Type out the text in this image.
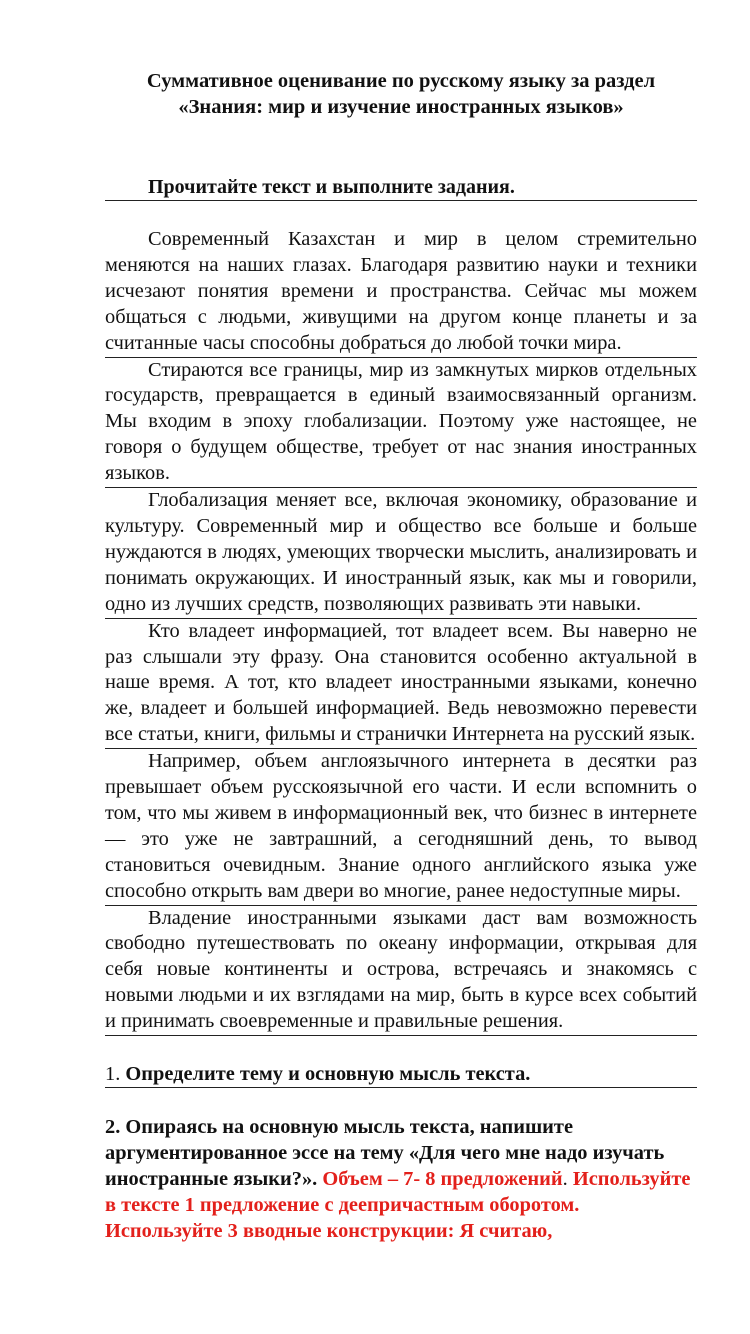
Суммативное оценивание по русскому языку за раздел
«Знания: мир и изучение иностранных языков»

Прочитайте текст и выполните задания.

Современный Казахстан и мир в целом стремительно меняются на наших глазах. Благодаря развитию науки и техники исчезают понятия времени и пространства. Сейчас мы можем общаться с людьми, живущими на другом конце планеты и за считанные часы способны добраться до любой точки мира.

Стираются все границы, мир из замкнутых мирков отдельных государств, превращается в единый взаимосвязанный организм. Мы входим в эпоху глобализации. Поэтому уже настоящее, не говоря о будущем обществе, требует от нас знания иностранных языков.

Глобализация меняет все, включая экономику, образование и культуру. Современный мир и общество все больше и больше нуждаются в людях, умеющих творчески мыслить, анализировать и понимать окружающих. И иностранный язык, как мы и говорили, одно из лучших средств, позволяющих развивать эти навыки.

Кто владеет информацией, тот владеет всем. Вы наверно не раз слышали эту фразу. Она становится особенно актуальной в наше время. А тот, кто владеет иностранными языками, конечно же, владеет и большей информацией. Ведь невозможно перевести все статьи, книги, фильмы и странички Интернета на русский язык.

Например, объем англоязычного интернета в десятки раз превышает объем русскоязычной его части. И если вспомнить о том, что мы живем в информационный век, что бизнес в интернете — это уже не завтрашний, а сегодняшний день, то вывод становиться очевидным. Знание одного английского языка уже способно открыть вам двери во многие, ранее недоступные миры.

Владение иностранными языками даст вам возможность свободно путешествовать по океану информации, открывая для себя новые континенты и острова, встречаясь и знакомясь с новыми людьми и их взглядами на мир, быть в курсе всех событий и принимать своевременные и правильные решения.

1. Определите тему и основную мысль текста.
2. Опираясь на основную мысль текста, напишите аргументированное эссе на тему «Для чего мне надо изучать иностранные языки?». Объем – 7- 8 предложений. Используйте в тексте 1 предложение с деепричастным оборотом. Используйте 3 вводные конструкции: Я считаю,
